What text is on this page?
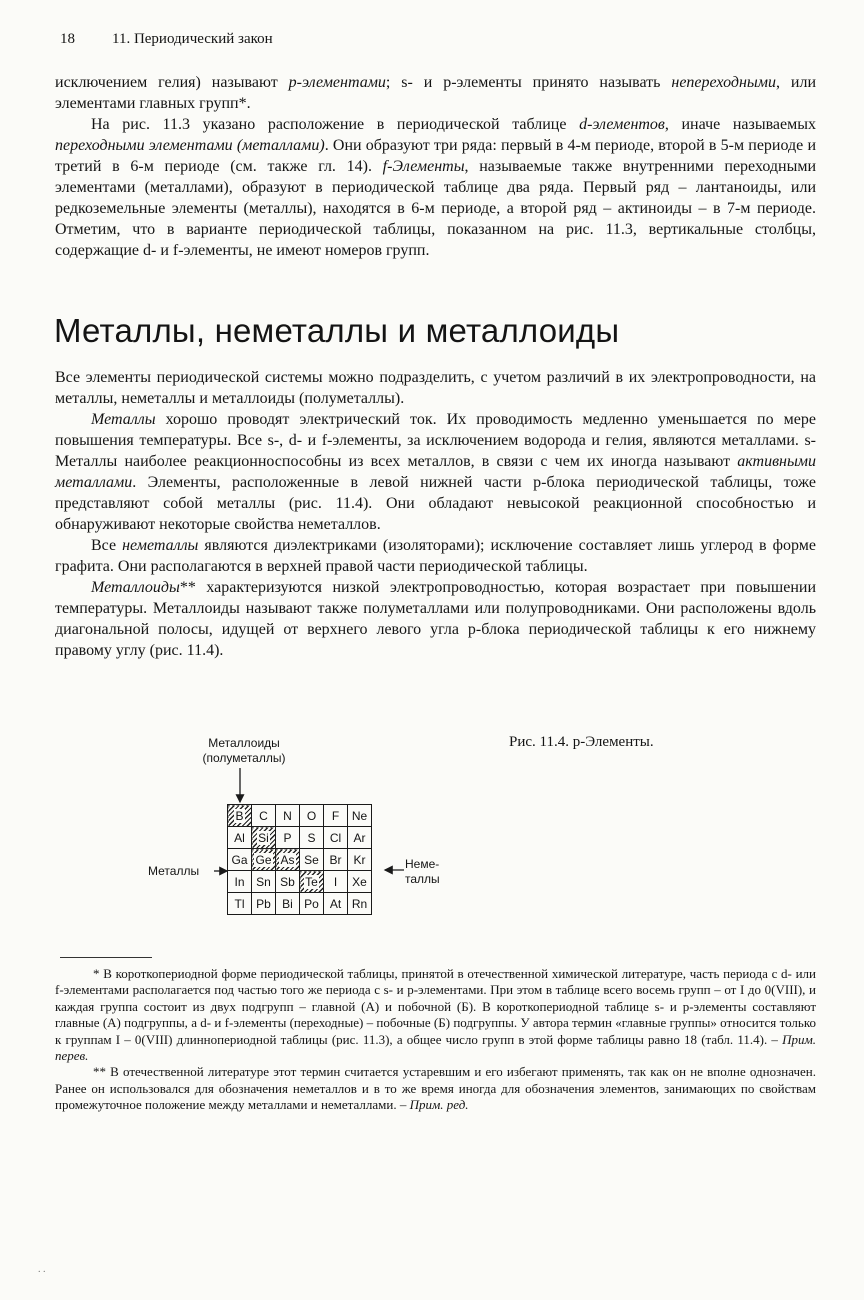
18 11. Периодический закон

исключением гелия) называют p-элементами; s- и p-элементы принято называть непереходными, или элементами главных групп*.

На рис. 11.3 указано расположение в периодической таблице d-элементов, иначе называемых переходными элементами (металлами). Они образуют три ряда: первый в 4-м периоде, второй в 5-м периоде и третий в 6-м периоде (см. также гл. 14). f-Элементы, называемые также внутренними переходными элементами (металлами), образуют в периодической таблице два ряда. Первый ряд – лантаноиды, или редкоземельные элементы (металлы), находятся в 6-м периоде, а второй ряд – актиноиды – в 7-м периоде. Отметим, что в варианте периодической таблицы, показанном на рис. 11.3, вертикальные столбцы, содержащие d- и f-элементы, не имеют номеров групп.

Металлы, неметаллы и металлоиды

Все элементы периодической системы можно подразделить, с учетом различий в их электропроводности, на металлы, неметаллы и металлоиды (полуметаллы).

Металлы хорошо проводят электрический ток. Их проводимость медленно уменьшается по мере повышения температуры. Все s-, d- и f-элементы, за исключением водорода и гелия, являются металлами. s-Металлы наиболее реакционноспособны из всех металлов, в связи с чем их иногда называют активными металлами. Элементы, расположенные в левой нижней части p-блока периодической таблицы, тоже представляют собой металлы (рис. 11.4). Они обладают невысокой реакционной способностью и обнаруживают некоторые свойства неметаллов.

Все неметаллы являются диэлектриками (изоляторами); исключение составляет лишь углерод в форме графита. Они располагаются в верхней правой части периодической таблицы.

Металлоиды** характеризуются низкой электропроводностью, которая возрастает при повышении температуры. Металлоиды называют также полуметаллами или полупроводниками. Они расположены вдоль диагональной полосы, идущей от верхнего левого угла p-блока периодической таблицы к его нижнему правому углу (рис. 11.4).

Металлоиды
(полуметаллы)
Металлы	Неме-
таллы
B	C	N	O	F	Ne
Al	Si	P	S	Cl	Ar
Ga	Ge	As	Se	Br	Kr
In	Sn	Sb	Te	I	Xe
Tl	Pb	Bi	Po	At	Rn
Рис. 11.4. p-Элементы.

* В короткопериодной форме периодической таблицы, принятой в отечественной химической литературе, часть периода с d- или f-элементами располагается под частью того же периода с s- и p-элементами. При этом в таблице всего восемь групп – от I до 0(VIII), и каждая группа состоит из двух подгрупп – главной (А) и побочной (Б). В короткопериодной таблице s- и p-элементы составляют главные (А) подгруппы, а d- и f-элементы (переходные) – побочные (Б) подгруппы. У автора термин «главные группы» относится только к группам I – 0(VIII) длиннопериодной таблицы (рис. 11.3), а общее число групп в этой форме таблицы равно 18 (табл. 11.4). – Прим. перев.

** В отечественной литературе этот термин считается устаревшим и его избегают применять, так как он не вполне однозначен. Ранее он использовался для обозначения неметаллов и в то же время иногда для обозначения элементов, занимающих по свойствам промежуточное положение между металлами и неметаллами. – Прим. ред.

. .
